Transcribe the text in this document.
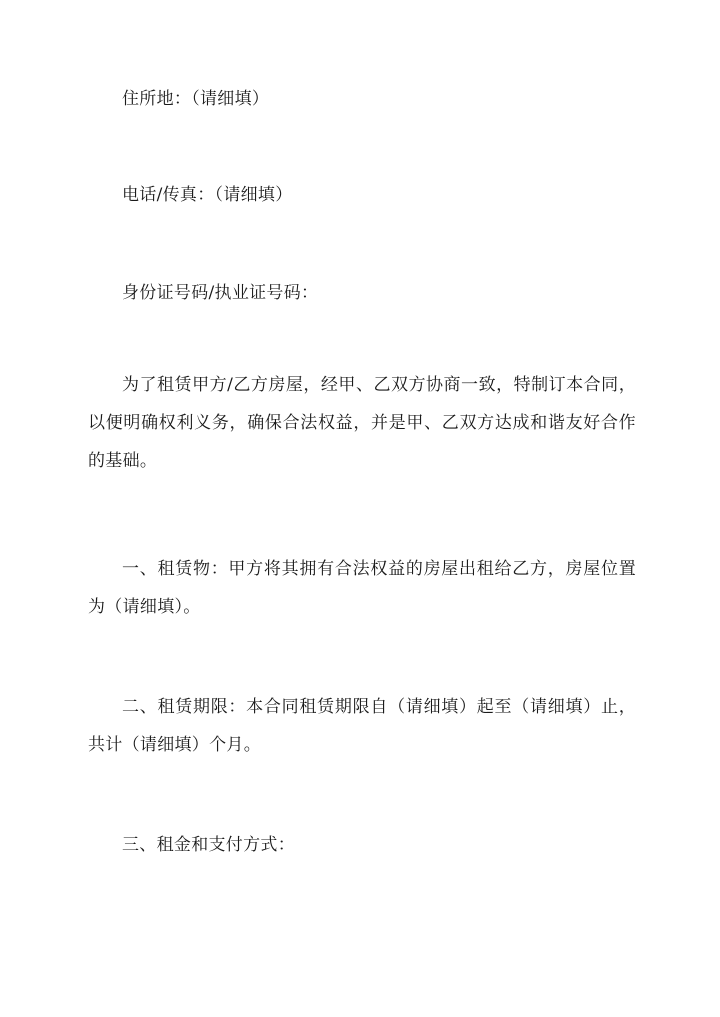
住所地：（请细填）

电话/传真：（请细填）

身份证号码/执业证号码：

为了租赁甲方/乙方房屋，经甲、乙双方协商一致，特制订本合同，以便明确权利义务，确保合法权益，并是甲、乙双方达成和谐友好合作的基础。

一、租赁物：甲方将其拥有合法权益的房屋出租给乙方，房屋位置为（请细填）。

二、租赁期限：本合同租赁期限自（请细填）起至（请细填）止，共计（请细填）个月。

三、租金和支付方式：
